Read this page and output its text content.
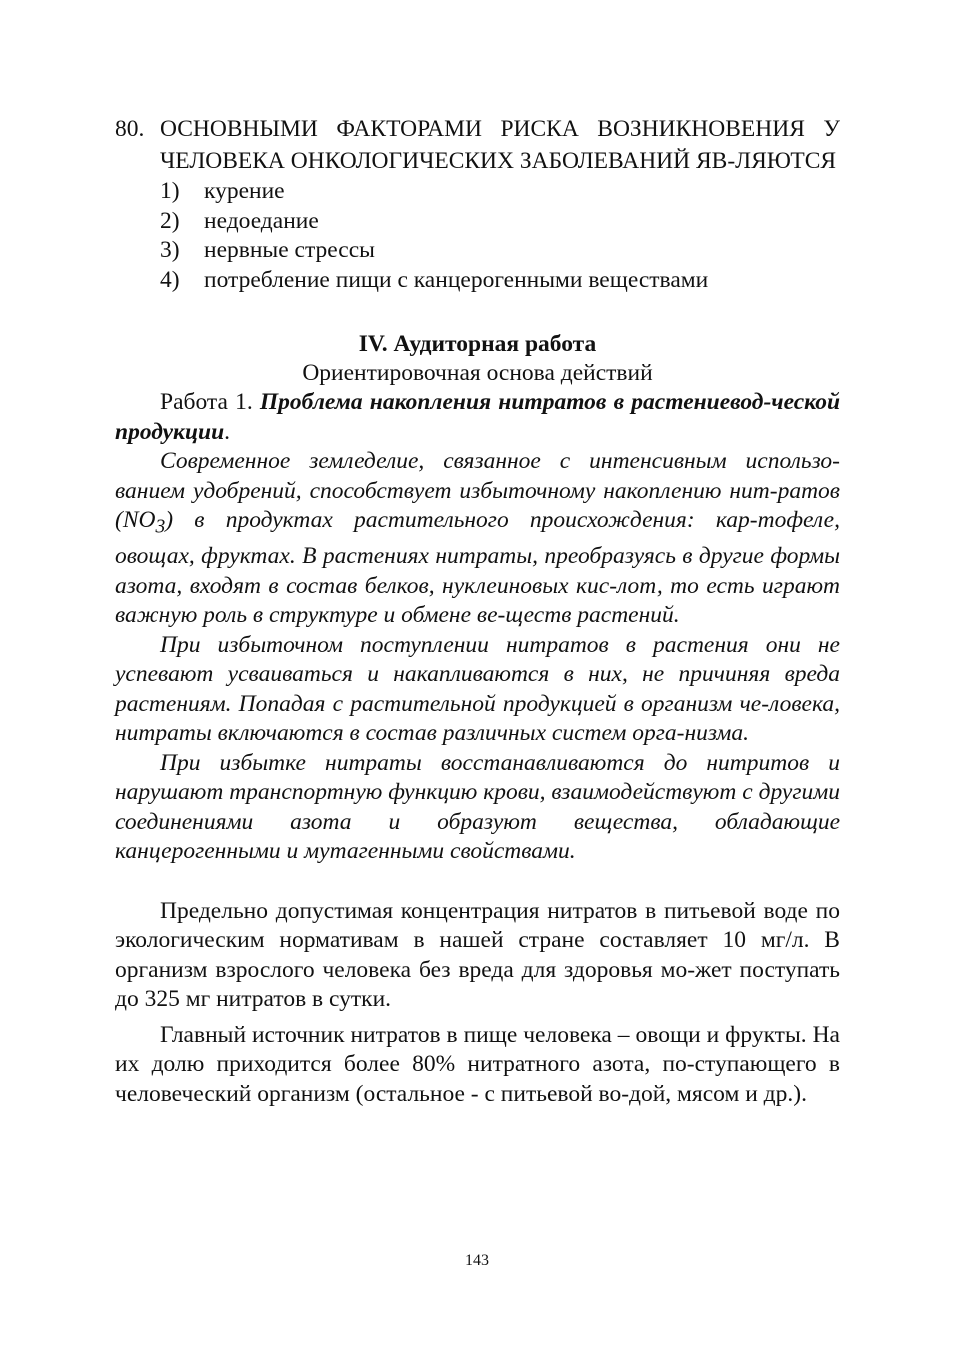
80. ОСНОВНЫМИ ФАКТОРАМИ РИСКА ВОЗНИКНОВЕНИЯ У ЧЕЛОВЕКА ОНКОЛОГИЧЕСКИХ ЗАБОЛЕВАНИЙ ЯВ-ЛЯЮТСЯ
1)	курение
2)	недоедание
3)	нервные стрессы
4)	потребление пищи с канцерогенными веществами

IV. Аудиторная работа

Ориентировочная основа действий

Работа 1. Проблема накопления нитратов в растениевод-ческой продукции.

Современное земледелие, связанное с интенсивным использо-ванием удобрений, способствует избыточному накоплению нит-ратов $(NO_3)$ в продуктах растительного происхождения: кар-тофеле, овощах, фруктах. В растениях нитраты, преобразуясь в другие формы азота, входят в состав белков, нуклеиновых кис-лот, то есть играют важную роль в структуре и обмене ве-ществ растений.

При избыточном поступлении нитратов в растения они не успевают усваиваться и накапливаются в них, не причиняя вреда растениям. Попадая с растительной продукцией в организм че-ловека, нитраты включаются в состав различных систем орга-низма.

При избытке нитраты восстанавливаются до нитритов и нарушают транспортную функцию крови, взаимодействуют с другими соединениями азота и образуют вещества, обладающие канцерогенными и мутагенными свойствами.

Предельно допустимая концентрация нитратов в питьевой воде по экологическим нормативам в нашей стране составляет 10 мг/л. В организм взрослого человека без вреда для здоровья мо-жет поступать до 325 мг нитратов в сутки.

Главный источник нитратов в пище человека – овощи и фрукты. На их долю приходится более 80% нитратного азота, по-ступающего в человеческий организм (остальное - с питьевой во-дой, мясом и др.).

143
